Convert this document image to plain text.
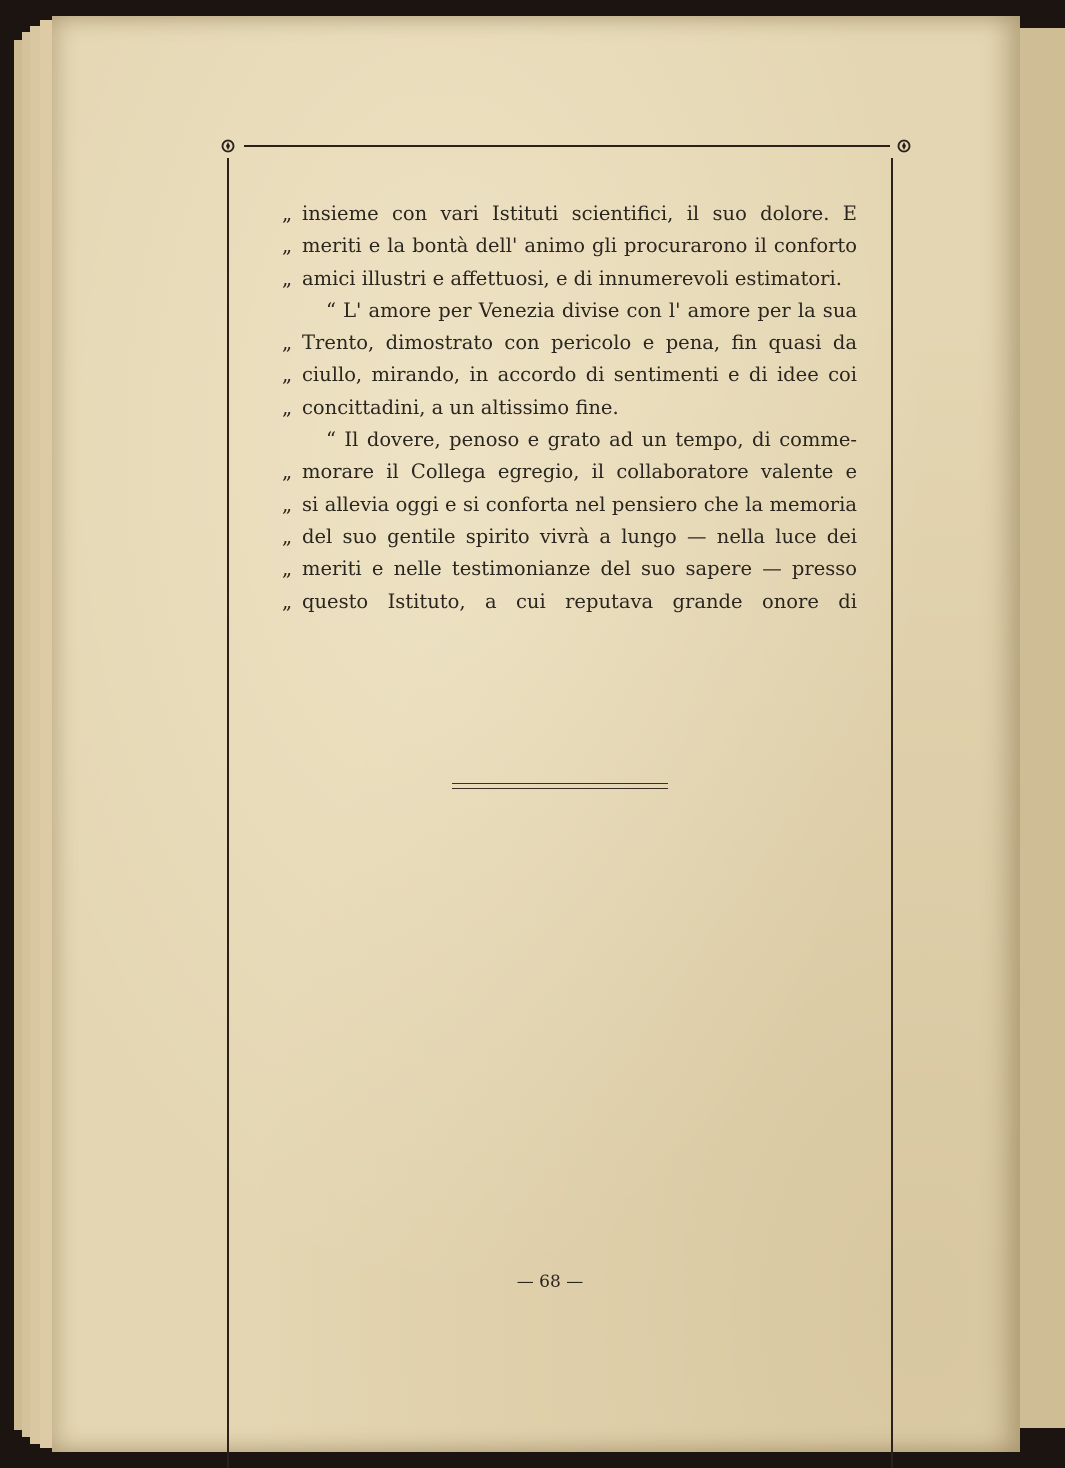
„ insieme con vari Istituti scientifici, il suo dolore. E
„ meriti e la bontà dell' animo gli procurarono il conforto
„ amici illustri e affettuosi, e di innumerevoli estimatori.
“ L' amore per Venezia divise con l' amore per la sua
„ Trento, dimostrato con pericolo e pena, fin quasi da
„ ciullo, mirando, in accordo di sentimenti e di idee coi
„ concittadini, a un altissimo fine.
“ Il dovere, penoso e grato ad un tempo, di comme-
„ morare il Collega egregio, il collaboratore valente e
„ si allevia oggi e si conforta nel pensiero che la memoria
„ del suo gentile spirito vivrà a lungo — nella luce dei
„ meriti e nelle testimonianze del suo sapere — presso
„ questo Istituto, a cui reputava grande onore di
— 68 —
